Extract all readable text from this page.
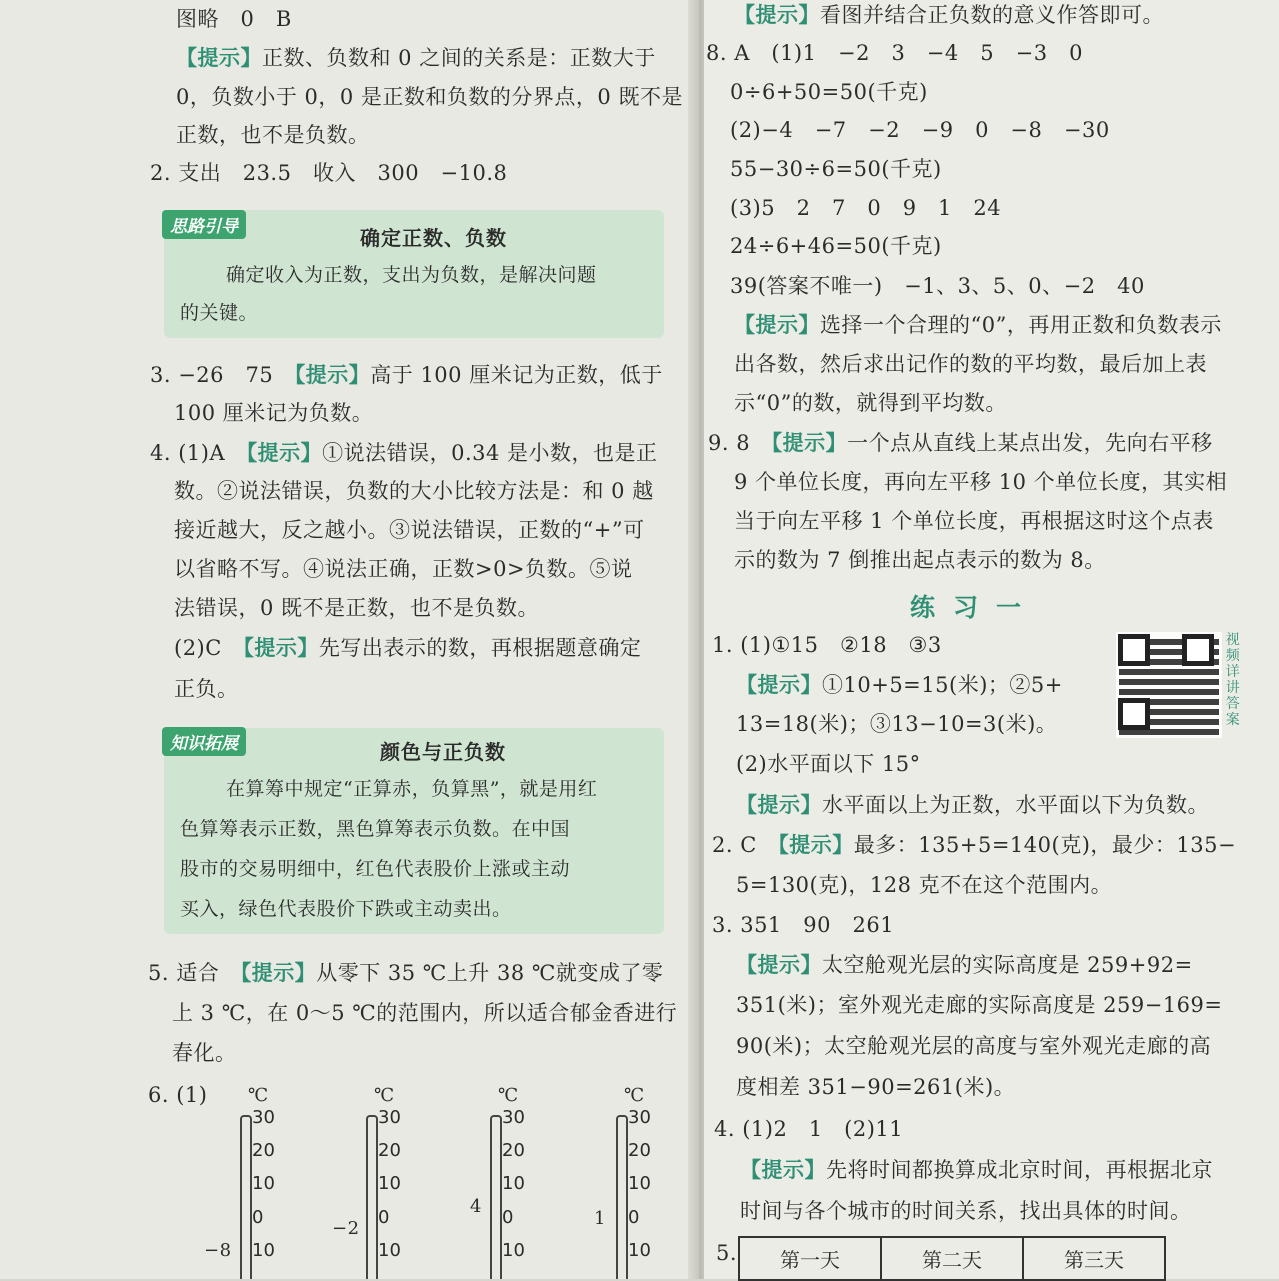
图略　0　B
【提示】正数、负数和 0 之间的关系是：正数大于
0，负数小于 0，0 是正数和负数的分界点，0 既不是
正数，也不是负数。
2. 支出　23.5　收入　300　−10.8
思路引导	确定正数、负数
确定收入为正数，支出为负数，是解决问题
的关键。
3. −26　75　【提示】高于 100 厘米记为正数，低于
100 厘米记为负数。
4. (1)A　【提示】①说法错误，0.34 是小数，也是正
数。②说法错误，负数的大小比较方法是：和 0 越
接近越大，反之越小。③说法错误，正数的“+”可
以省略不写。④说法正确，正数>0>负数。⑤说
法错误，0 既不是正数，也不是负数。
(2)C　【提示】先写出表示的数，再根据题意确定
正负。
知识拓展	颜色与正负数
在算筹中规定“正算赤，负算黑”，就是用红
色算筹表示正数，黑色算筹表示负数。在中国
股市的交易明细中，红色代表股价上涨或主动
买入，绿色代表股价下跌或主动卖出。
5. 适合　【提示】从零下 35 ℃上升 38 ℃就变成了零
上 3 ℃，在 0～5 ℃的范围内，所以适合郁金香进行
春化。
6. (1) ℃
30
20
10
0
10
−8
℃
30
20
10
0
10
−2
℃
30
20
10
0
10
4
℃
30
20
10
0
10
1
【提示】看图并结合正负数的意义作答即可。
8. A　(1)1　−2　3　−4　5　−3　0
0÷6+50=50(千克)
(2)−4　−7　−2　−9　0　−8　−30
55−30÷6=50(千克)
(3)5　2　7　0　9　1　24
24÷6+46=50(千克)
39(答案不唯一)　−1、3、5、0、−2　40
【提示】选择一个合理的“0”，再用正数和负数表示
出各数，然后求出记作的数的平均数，最后加上表
示“0”的数，就得到平均数。
9. 8　【提示】一个点从直线上某点出发，先向右平移
9 个单位长度，再向左平移 10 个单位长度，其实相
当于向左平移 1 个单位长度，再根据这时这个点表
示的数为 7 倒推出起点表示的数为 8。
练习一
1. (1)①15　②18　③3
【提示】①10+5=15(米)；②5+
13=18(米)；③13−10=3(米)。
(2)水平面以下 15°
【提示】水平面以上为正数，水平面以下为负数。
2. C　【提示】最多：135+5=140(克)，最少：135−
5=130(克)，128 克不在这个范围内。
3. 351　90　261
【提示】太空舱观光层的实际高度是 259+92=
351(米)；室外观光走廊的实际高度是 259−169=
90(米)；太空舱观光层的高度与室外观光走廊的高
度相差 351−90=261(米)。
4. (1)2　1　(2)11
【提示】先将时间都换算成北京时间，再根据北京
时间与各个城市的时间关系，找出具体的时间。
5.
视频详讲答案
第一天	第二天	第三天
